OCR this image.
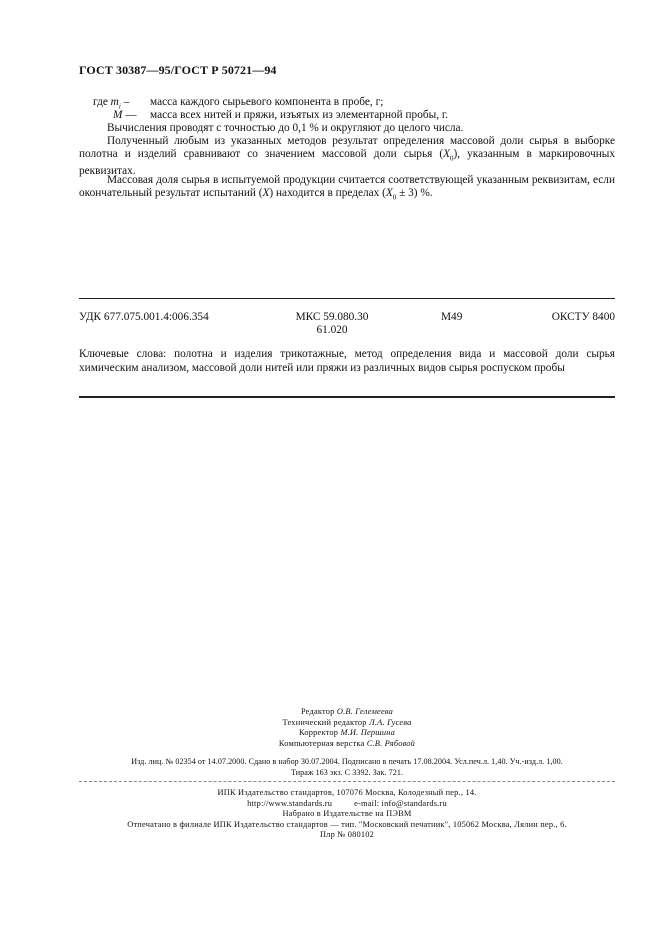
ГОСТ 30387—95/ГОСТ Р 50721—94
где $m_i$ – масса каждого сырьевого компонента в пробе, г;
M — масса всех нитей и пряжи, изъятых из элементарной пробы, г.
Вычисления проводят с точностью до 0,1 % и округляют до целого числа.
Полученный любым из указанных методов результат определения массовой доли сырья в выборке полотна и изделий сравнивают со значением массовой доли сырья $(X_0)$, указанным в маркировочных реквизитах.
Массовая доля сырья в испытуемой продукции считается соответствующей указанным реквизитам, если окончательный результат испытаний (X) находится в пределах $(X_0 \pm 3)$ %.
УДК 677.075.001.4:006.354	МКС 59.080.30
61.020
М49	ОКСТУ 8400
Ключевые слова: полотна и изделия трикотажные, метод определения вида и массовой доли сырья химическим анализом, массовой доли нитей или пряжи из различных видов сырья роспуском пробы
Редактор О.В. Гелемеева
Технический редактор Л.А. Гусева
Корректор М.И. Першина
Компьютерная верстка С.В. Рябовой
Изд. лиц. № 02354 от 14.07.2000. Сдано в набор 30.07.2004. Подписано в печать 17.08.2004. Усл.печ.л. 1,40. Уч.-изд.л. 1,00.
Тираж 163 экз. С 3392. Зак. 721.
ИПК Издательство стандартов, 107076 Москва, Колодезный пер., 14.
http://www.standards.ru	e-mail: info@standards.ru
Набрано в Издательстве на ПЭВМ
Отпечатано в филиале ИПК Издательство стандартов — тип. "Московский печатник", 105062 Москва, Лялин пер., 6.
Плр № 080102
